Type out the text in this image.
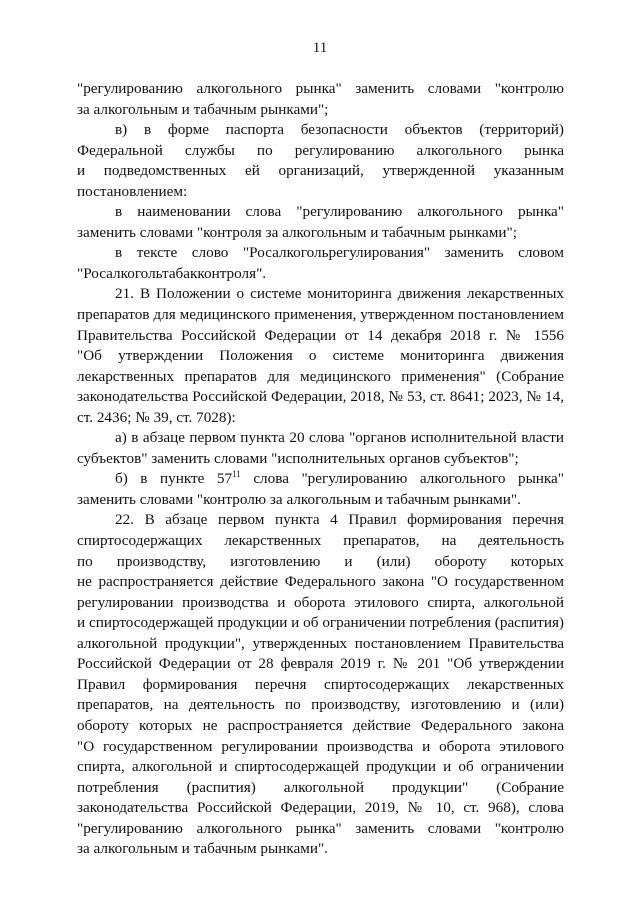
11
"регулированию алкогольного рынка" заменить словами "контролю
за алкогольным и табачным рынками";
в) в форме паспорта безопасности объектов (территорий)
Федеральной службы по регулированию алкогольного рынка
и подведомственных ей организаций, утвержденной указанным
постановлением:
в наименовании слова "регулированию алкогольного рынка"
заменить словами "контроля за алкогольным и табачным рынками";
в тексте слово "Росалкогольрегулирования" заменить словом
"Росалкогольтабакконтроля".
21. В Положении о системе мониторинга движения лекарственных
препаратов для медицинского применения, утвержденном постановлением
Правительства Российской Федерации от 14 декабря 2018 г. № 1556
"Об утверждении Положения о системе мониторинга движения
лекарственных препаратов для медицинского применения" (Собрание
законодательства Российской Федерации, 2018, № 53, ст. 8641; 2023, № 14,
ст. 2436; № 39, ст. 7028):
а) в абзаце первом пункта 20 слова "органов исполнительной власти
субъектов" заменить словами "исполнительных органов субъектов";
б) в пункте $57^{11}$ слова "регулированию алкогольного рынка"
заменить словами "контролю за алкогольным и табачным рынками".
22. В абзаце первом пункта 4 Правил формирования перечня
спиртосодержащих лекарственных препаратов, на деятельность
по производству, изготовлению и (или) обороту которых
не распространяется действие Федерального закона "О государственном
регулировании производства и оборота этилового спирта, алкогольной
и спиртосодержащей продукции и об ограничении потребления (распития)
алкогольной продукции", утвержденных постановлением Правительства
Российской Федерации от 28 февраля 2019 г. № 201 "Об утверждении
Правил формирования перечня спиртосодержащих лекарственных
препаратов, на деятельность по производству, изготовлению и (или)
обороту которых не распространяется действие Федерального закона
"О государственном регулировании производства и оборота этилового
спирта, алкогольной и спиртосодержащей продукции и об ограничении
потребления (распития) алкогольной продукции" (Собрание
законодательства Российской Федерации, 2019, № 10, ст. 968), слова
"регулированию алкогольного рынка" заменить словами "контролю
за алкогольным и табачным рынками".
